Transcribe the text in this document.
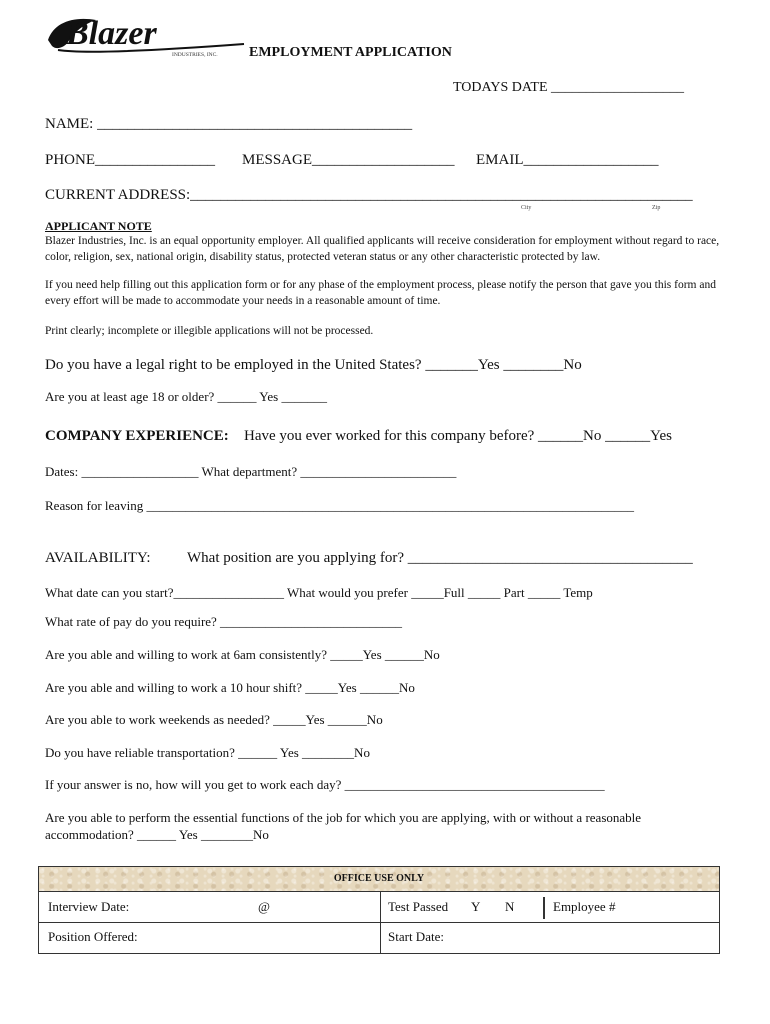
Blazer
INDUSTRIES, INC. EMPLOYMENT APPLICATION
TODAYS DATE ___________________
NAME: __________________________________________
PHONE________________ MESSAGE___________________ EMAIL__________________
CURRENT ADDRESS:___________________________________________________________________
City	Zip
APPLICANT NOTE
Blazer Industries, Inc. is an equal opportunity employer. All qualified applicants will receive consideration for employment without regard to race, color, religion, sex, national origin, disability status, protected veteran status or any other characteristic protected by law.
If you need help filling out this application form or for any phase of the employment process, please notify the person that gave you this form and every effort will be made to accommodate your needs in a reasonable amount of time.
Print clearly; incomplete or illegible applications will not be processed.
Do you have a legal right to be employed in the United States? _______Yes ________No
Are you at least age 18 or older? ______ Yes _______
COMPANY EXPERIENCE: Have you ever worked for this company before? ______No ______Yes
Dates: __________________ What department? ________________________
Reason for leaving ___________________________________________________________________________
AVAILABILITY: What position are you applying for? ______________________________________
What date can you start?_________________ What would you prefer _____Full _____ Part _____ Temp
What rate of pay do you require? ____________________________
Are you able and willing to work at 6am consistently? _____Yes ______No
Are you able and willing to work a 10 hour shift? _____Yes ______No
Are you able to work weekends as needed? _____Yes ______No
Do you have reliable transportation? ______ Yes ________No
If your answer is no, how will you get to work each day? ________________________________________
Are you able to perform the essential functions of the job for which you are applying, with or without a reasonable
accommodation? ______ Yes ________No
OFFICE USE ONLY
Interview Date:	@	Test Passed Y N	Employee #
Position Offered:	Start Date:
